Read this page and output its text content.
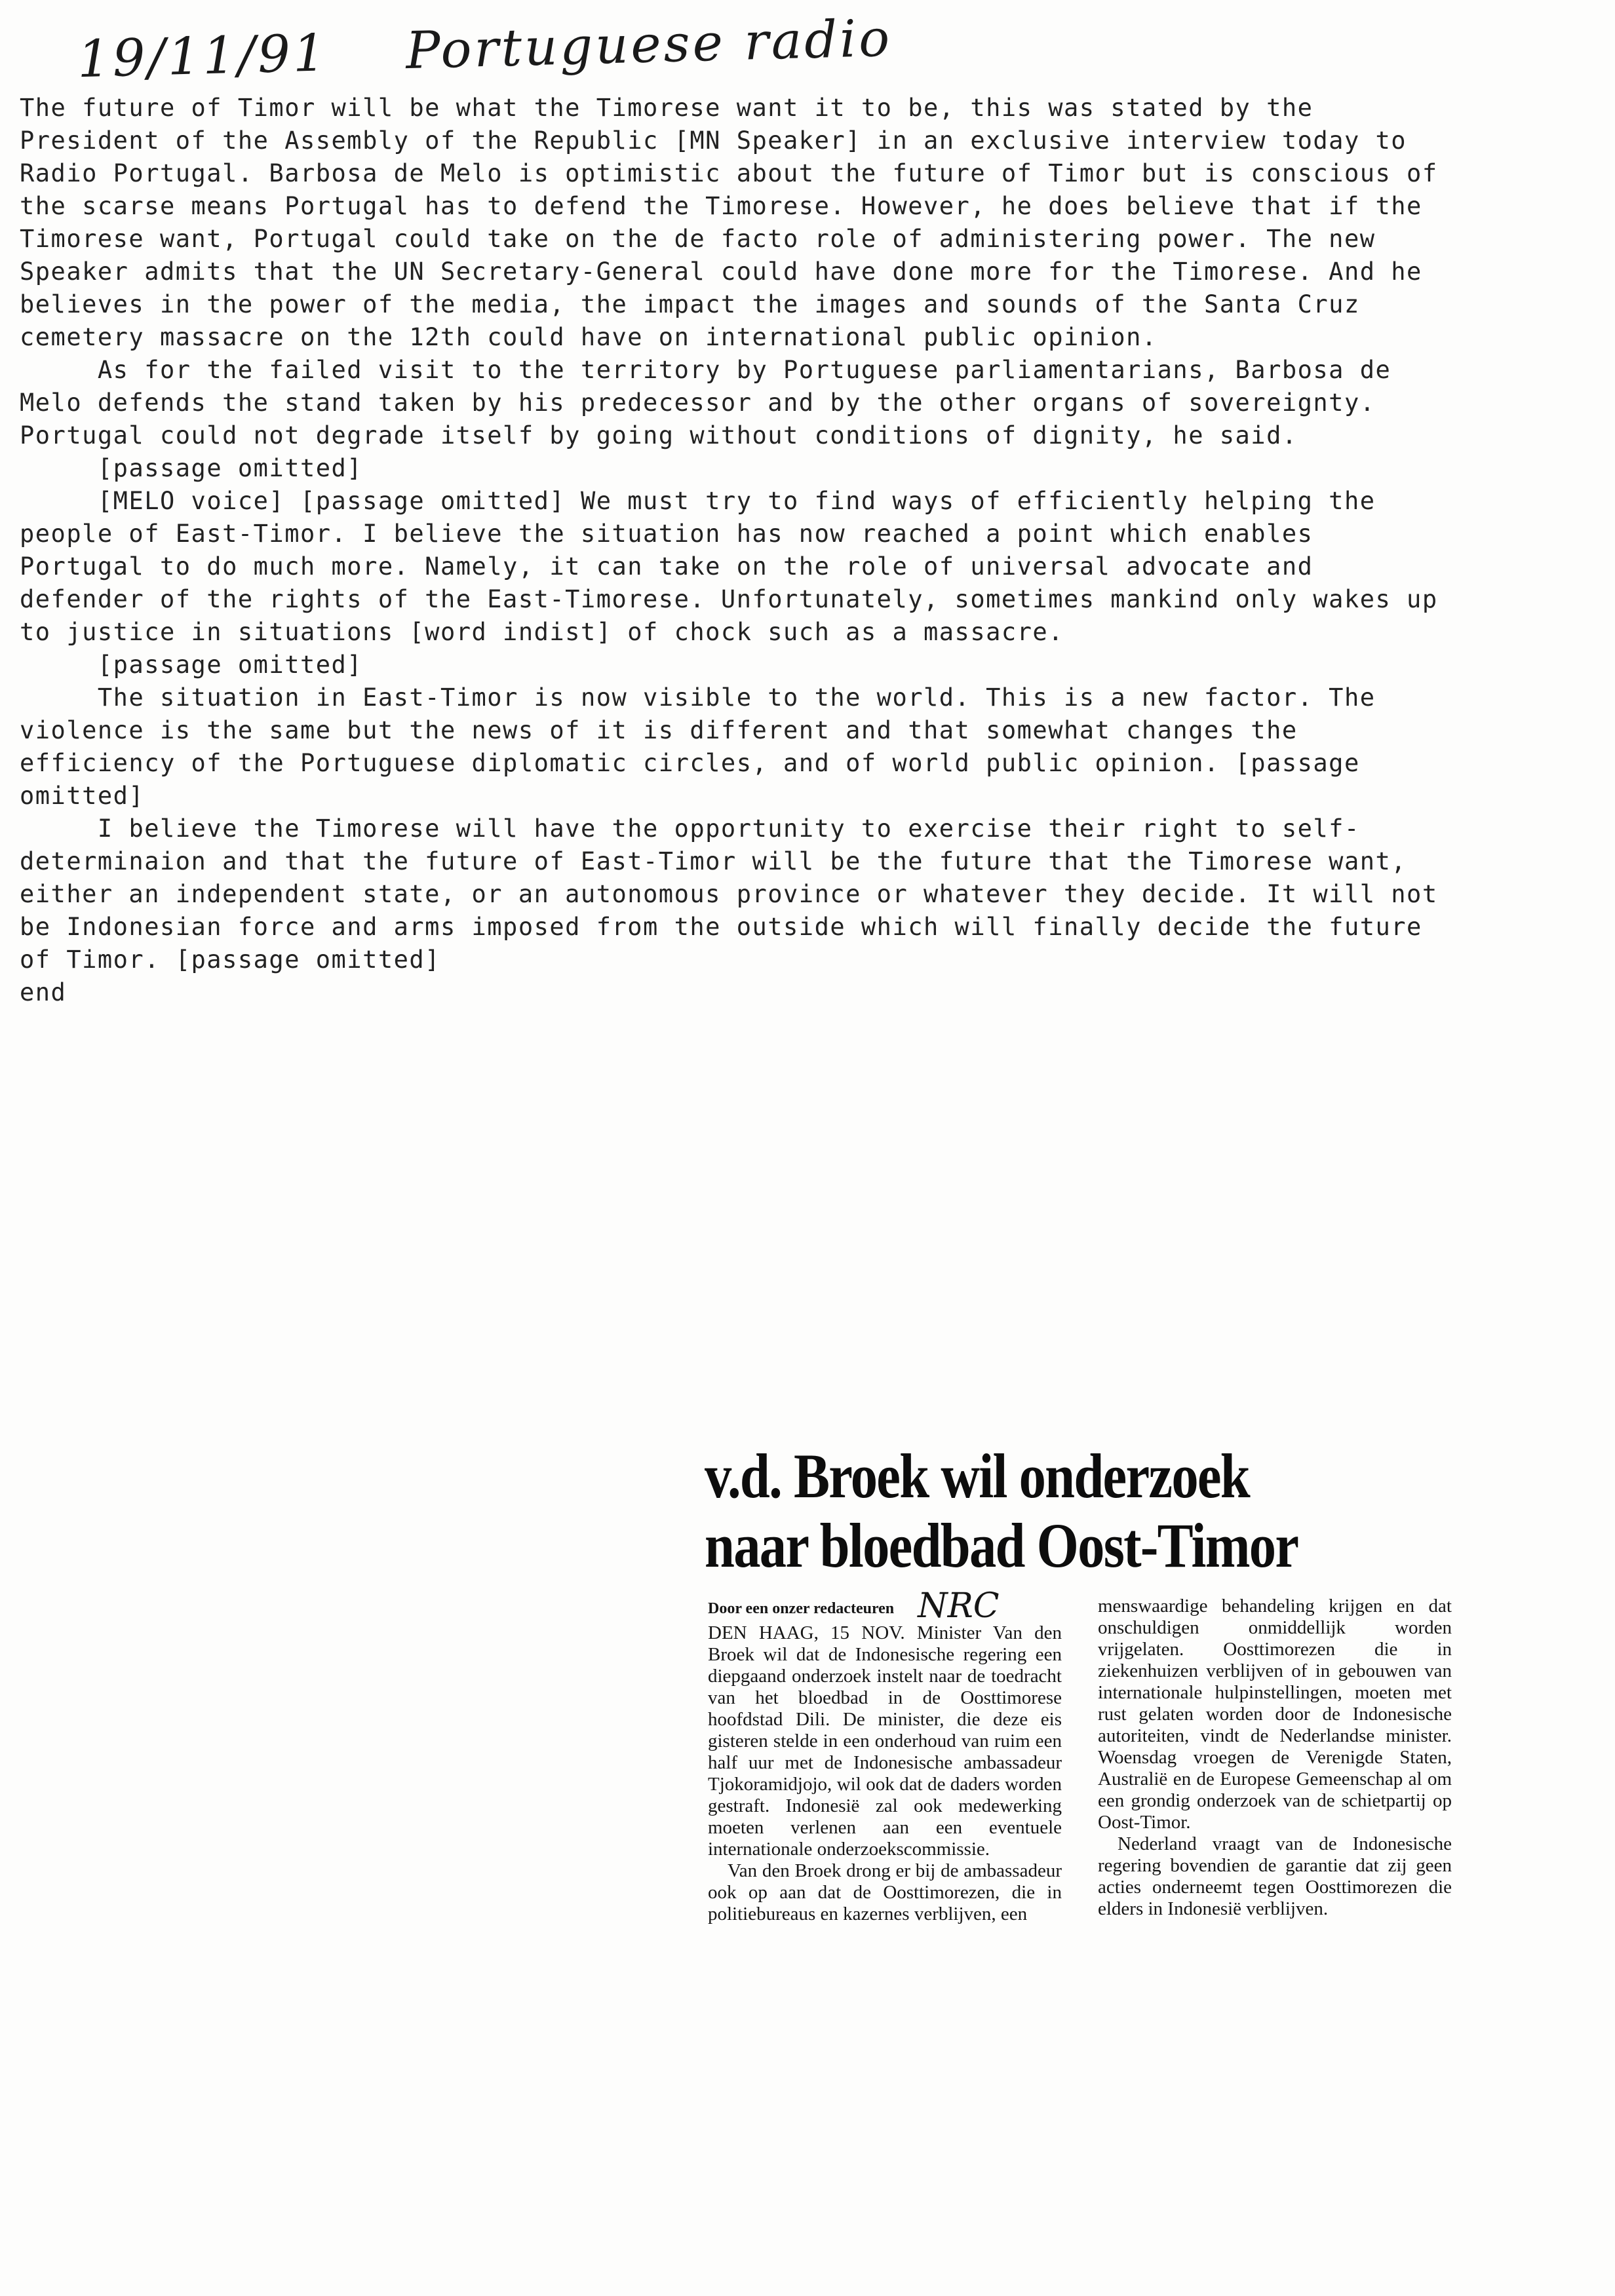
19/11/91 Portuguese radio

The future of Timor will be what the Timorese want it to be, this was stated by the President of the Assembly of the Republic [MN Speaker] in an exclusive interview today to Radio Portugal. Barbosa de Melo is optimistic about the future of Timor but is conscious of the scarse means Portugal has to defend the Timorese. However, he does believe that if the Timorese want, Portugal could take on the de facto role of administering power. The new Speaker admits that the UN Secretary-General could have done more for the Timorese. And he believes in the power of the media, the impact the images and sounds of the Santa Cruz cemetery massacre on the 12th could have on international public opinion.

As for the failed visit to the territory by Portuguese parliamentarians, Barbosa de Melo defends the stand taken by his predecessor and by the other organs of sovereignty. Portugal could not degrade itself by going without conditions of dignity, he said.

[passage omitted]

[MELO voice] [passage omitted] We must try to find ways of efficiently helping the people of East-Timor. I believe the situation has now reached a point which enables Portugal to do much more. Namely, it can take on the role of universal advocate and defender of the rights of the East-Timorese. Unfortunately, sometimes mankind only wakes up to justice in situations [word indist] of chock such as a massacre.

[passage omitted]

The situation in East-Timor is now visible to the world. This is a new factor. The violence is the same but the news of it is different and that somewhat changes the efficiency of the Portuguese diplomatic circles, and of world public opinion. [passage omitted]

I believe the Timorese will have the opportunity to exercise their right to self-determinaion and that the future of East-Timor will be the future that the Timorese want, either an independent state, or an autonomous province or whatever they decide. It will not be Indonesian force and arms imposed from the outside which will finally decide the future of Timor. [passage omitted]

end

v.d. Broek wil onderzoek
naar bloedbad Oost-Timor
Door een onzer redacteuren NRC

DEN HAAG, 15 NOV. Minister Van den Broek wil dat de Indonesische regering een diepgaand onderzoek instelt naar de toedracht van het bloedbad in de Oosttimorese hoofdstad Dili. De minister, die deze eis gisteren stelde in een onderhoud van ruim een half uur met de Indonesische ambassadeur Tjokoramidjojo, wil ook dat de daders worden gestraft. Indonesië zal ook medewerking moeten verlenen aan een eventuele internationale onderzoekscommissie.

Van den Broek drong er bij de ambassadeur ook op aan dat de Oosttimorezen, die in politiebureaus en kazernes verblijven, een

menswaardige behandeling krijgen en dat onschuldigen onmiddellijk worden vrijgelaten. Oosttimorezen die in ziekenhuizen verblijven of in gebouwen van internationale hulpinstellingen, moeten met rust gelaten worden door de Indonesische autoriteiten, vindt de Nederlandse minister. Woensdag vroegen de Verenigde Staten, Australië en de Europese Gemeenschap al om een grondig onderzoek van de schietpartij op Oost-Timor.

Nederland vraagt van de Indonesische regering bovendien de garantie dat zij geen acties onderneemt tegen Oosttimorezen die elders in Indonesië verblijven.
